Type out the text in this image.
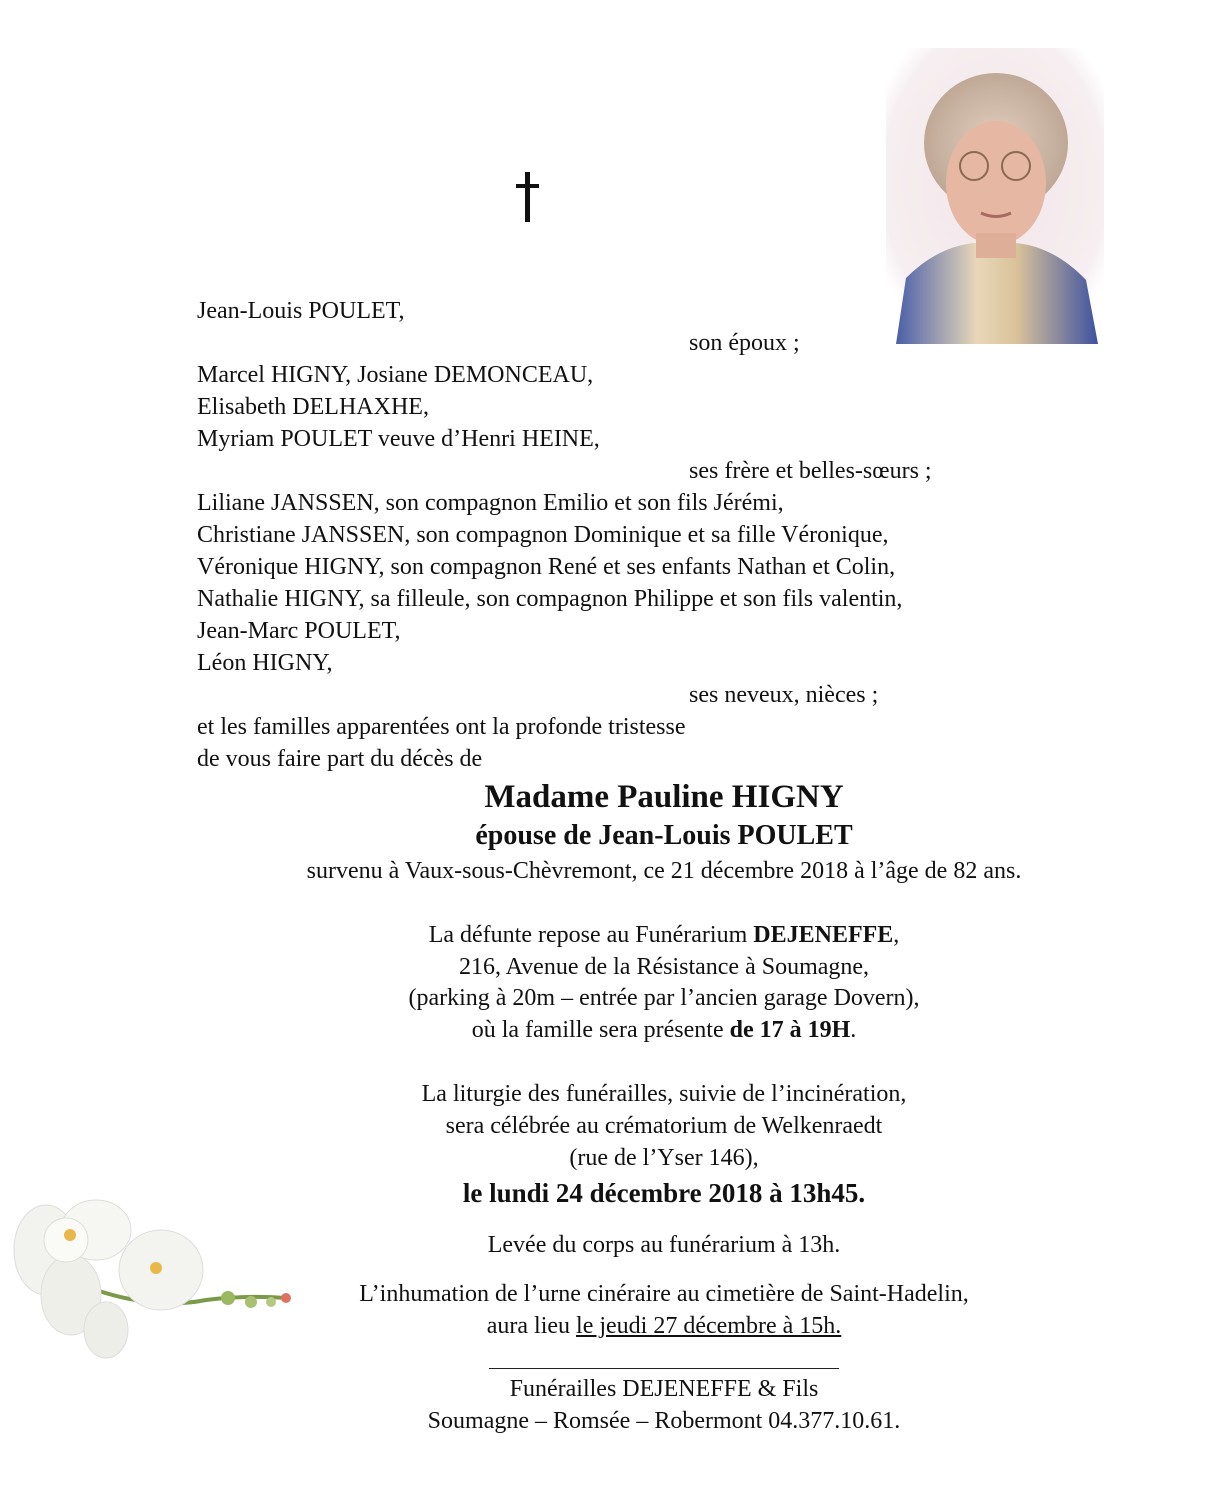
Jean-Louis POULET,
son époux ;
Marcel HIGNY, Josiane DEMONCEAU,
Elisabeth DELHAXHE,
Myriam POULET veuve d’Henri HEINE,
ses frère et belles-sœurs ;
Liliane JANSSEN, son compagnon Emilio et son fils Jérémi,
Christiane JANSSEN, son compagnon Dominique et sa fille Véronique,
Véronique HIGNY, son compagnon René et ses enfants Nathan et Colin,
Nathalie HIGNY, sa filleule, son compagnon Philippe et son fils valentin,
Jean-Marc POULET,
Léon HIGNY,
ses neveux, nièces ;
et les familles apparentées ont la profonde tristesse
de vous faire part du décès de
Madame Pauline HIGNY
épouse de Jean-Louis POULET
survenu à Vaux-sous-Chèvremont, ce 21 décembre 2018 à l’âge de 82 ans.
La défunte repose au Funérarium DEJENEFFE,
216, Avenue de la Résistance à Soumagne,
(parking à 20m – entrée par l’ancien garage Dovern),
où la famille sera présente de 17 à 19H.
La liturgie des funérailles, suivie de l’incinération,
sera célébrée au crématorium de Welkenraedt
(rue de l’Yser 146),
le lundi 24 décembre 2018 à 13h45.
Levée du corps au funérarium à 13h.
L’inhumation de l’urne cinéraire au cimetière de Saint-Hadelin,
aura lieu le jeudi 27 décembre à 15h.
Funérailles DEJENEFFE & Fils
Soumagne – Romsée – Robermont 04.377.10.61.
